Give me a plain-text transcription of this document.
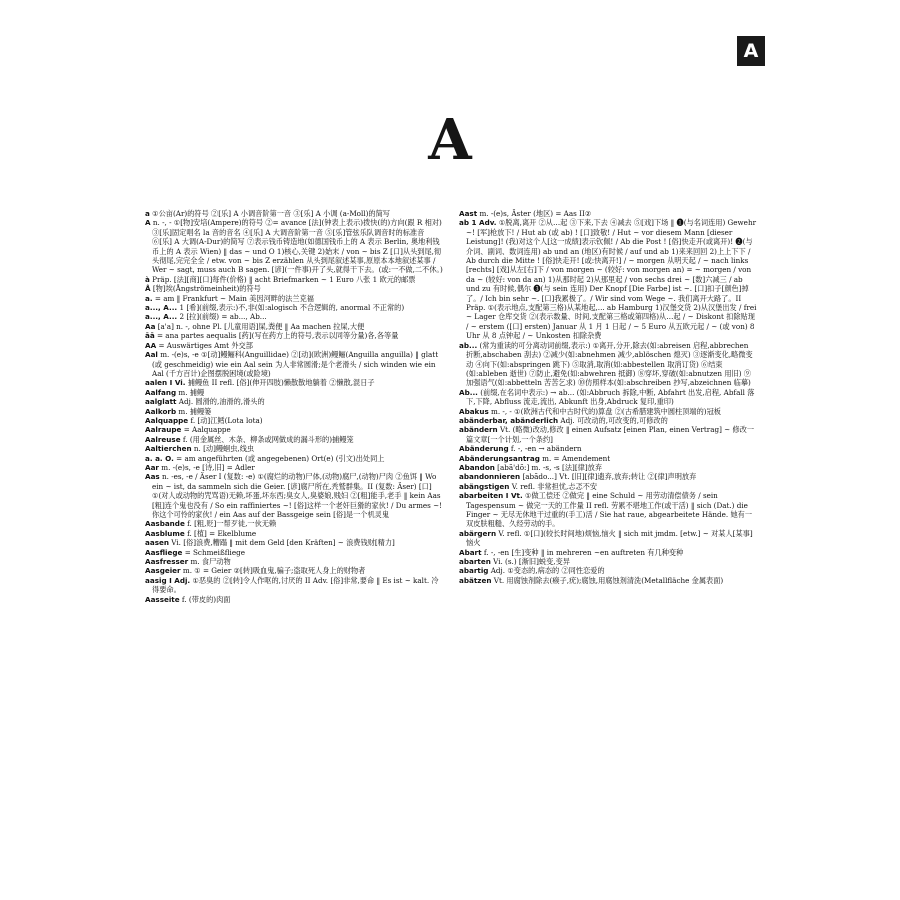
A
A

a ①公亩(Ar)的符号 ②[乐] A 小调音阶第一音 ③[乐] A 小调 (a-Moll)的简写

A n. -, - ①[物]安培(Ampere)的符号 ②= avance [法](钟表上表示)拨快(的)方向(跟 R 相对) ③[乐]固定唱名 la 音的音名 ④[乐] A 大调音阶第一音 ⑤[乐]管弦乐队调音时的标准音 ⑥[乐] A 大调(A-Dur)的简写 ⑦表示钱币铸造地(如德国钱币上的 A 表示 Berlin, 奥地利钱币上的 A 表示 Wien) ‖ das ~ und O 1)核心,关键 2)始末 / von ~ bis Z [口]从头到尾,彻头彻尾,完完全全 / etw. von ~ bis Z erzählen 从头到尾叙述某事,原原本本地叙述某事 / Wer ~ sagt, muss auch B sagen. [谚](一件事)开了头,就得干下去。(或:一不做,二不休。)

à Präp. [法][商][口]每件(价格) ‖ acht Briefmarken ~ 1 Euro 八张 1 欧元的邮票

Å [物]埃(Ångströmeinheit)的符号

a. = am ‖ Frankfurt ~ Main 美因河畔的法兰克福

a..., A... 1 [希](前缀,表示:)不,非(如:alogisch 不合逻辑的, anormal 不正常的)

a..., A... 2 [拉](前缀) = ab..., Ab...

Aa [a'a] n. -, ohne Pl. [儿童用语]屎,粪便 ‖ Aa machen 拉屎,大便

āā = ana partes aequalis [药](写在药方上的符号,表示以同等分量)各,各等量

AA = Auswärtiges Amt 外交部

Aal m. -(e)s, -e ①[动]鳗鲡科(Anguillidae) ②[动](欧洲)鳗鲡(Anguilla anguilla) ‖ glatt (或 geschmeidig) wie ein Aal sein 为人非常圆滑;是个老滑头 / sich winden wie ein Aal (千方百计)企图摆脱困境(或险境)

aalen I Vi. 捕鳗鱼 II refl. [俗](伸开四肢)懒散散地躺着 ②懒散,混日子

Aalfang m. 捕鳗

aalglatt Adj. 圆滑的,油滑的,滑头的

Aalkorb m. 捕鳗篓

Aalquappe f. [动]江鳕(Lota lota)

Aalraupe = Aalquappe

Aalreuse f. (用金属丝、木条、柳条或网做成的漏斗形的)捕鳗笼

Aaltierchen n. [动]鳗蛔虫,线虫

a. a. O. = am angeführten (或 angegebenen) Ort(e) (引文)出处同上

Aar m. -(e)s, -e [诗,旧] = Adler

Aas n. -es, -e / Äser I (复数: -e) ①(腐烂的动物)尸体,(动物)腐尸,(动物)尸肉 ②鱼饵 ‖ Wo ein ~ ist, da sammeln sich die Geier. [谚]腐尸所在,秃鹫群集。II (复数: Äser) [口] ①(对人或动物的咒骂语)无赖,坏蛋,坏东西;臭女人,臭婆娘,贱妇 ②[粗]能手,老手 ‖ kein Aas [粗]连个鬼也没有 / So ein raffiniertes ~! [俗]这样一个老奸巨猾的家伙! / Du armes ~! 你这个可怜的家伙! / ein Aas auf der Bassgeige sein [俗]是一个机灵鬼

Aasbande f. [粗,贬]一帮歹徒,一伙无赖

Aasblume f. [植] = Ekelblume

aasen Vi. [俗]浪费,糟蹋 ‖ mit dem Geld [den Kräften] ~ 浪费钱财[精力]

Aasfliege = Schmeißfliege

Aasfresser m. 食尸动物

Aasgeier m. ① = Geier ②[转]吸血鬼,骗子;盗取死人身上的财物者

aasig I Adj. ①恶臭的 ②[转]令人作呕的,讨厌的 II Adv. [俗]非常,要命 ‖ Es ist ~ kalt. 冷得要命。

Aasseite f. (带皮的)肉面

Aast m. -(e)s, Äster (地区) = Aas II②

ab 1 Adv. ①脱离,离开 ②从…起 ③下来,下去 ④减去 ⑤[戏]下场 ‖ ❶(与名词连用) Gewehr ~! [军]枪放下! / Hut ab (或 ab) ! [口]致敬! / Hut ~ vor diesem Mann [dieser Leistung]! (我)对这个人[这一成绩]表示钦佩! / Ab die Post ! [俗]快走开(或离开)! ❷(与介词、副词、数词连用) ab und an (地区)有时候 / auf und ab 1)来来回回 2)上上下下 / Ab durch die Mitte ! [俗]快走开! [或:快离开!] / ~ morgen 从明天起 / ~ nach links [rechts] [戏]从左[右]下 / von morgen ~ (较好: von morgen an) = ~ morgen / von da ~ (较好: von da an) 1)从那时起 2)从那里起 / von sechs drei ~ [数]六减三 / ab und zu 有时候,偶尔 ❸(与 sein 连用) Der Knopf [Die Farbe] ist ~. [口]扣子[颜色]掉了。/ Ich bin sehr ~. [口]我累极了。/ Wir sind vom Wege ~. 我们离开大路了。II Präp. ①(表示地点,支配第三格)从某地起,... ab Hamburg 1)汉堡交货 2)从汉堡出发 / frei ~ Lager 仓库交货 ②(表示数量、时间,支配第三格或第四格)从…起 / ~ Diskont 扣除贴现 / ~ erstem ([口] ersten) Januar 从 1 月 1 日起 / ~ 5 Euro 从五欧元起 / ~ (或 von) 8 Uhr 从 8 点钟起 / ~ Unkosten 扣除杂费

ab... (常为重读的可分离动词前缀,表示:) ①离开,分开,除去(如:abreisen 启程,abbrechen 折断,abschaben 刮去) ②减少(如:abnehmen 减少,ablöschen 熄灭) ③逐渐变化,略微变动 ④向下(如:abspringen 跳下) ⑤取消,取消(如:abbestellen 取消订货) ⑥结束(如:ableben 逝世) ⑦防止,避免(如:abwehren 抵御) ⑧穿坏,穿破(如:abnutzen 用旧) ⑨加强语气(如:abbetteln 苦苦乞求) ⑩仿照样本(如:abschreiben 抄写,abzeichnen 临摹)

Ab... (前缀,在名词中表示:) → ab... (如:Abbruch 拆除,中断, Abfahrt 出发,启程, Abfall 落下,下降, Abfluss 流走,流出, Abkunft 出身,Abdruck 复印,重印)

Abakus m. -, - ①(欧洲古代和中古时代的)算盘 ②(古希腊建筑中圆柱顶端的)冠板

abänderbar, abänderlich Adj. 可改动的,可改变的,可修改的

abändern Vt. (略微)改动,修改 ‖ einen Aufsatz [einen Plan, einen Vertrag] ~ 修改一篇文章[一个计划,一个条约]

Abänderung f. -, -en → abändern

Abänderungsantrag m. = Amendement

Abandon [abã'dõ:] m. -s, -s [法][律]放弃

abandonnieren [abãdo...] Vt. [旧][律]遗弃,放弃;转让 ②[律]声明放弃

abängstigen V. refl. 非常担忧,忐忑不安

abarbeiten I Vt. ①做工偿还 ②做完 ‖ eine Schuld ~ 用劳动清偿债务 / sein Tagespensum ~ 做完一天的工作量 II refl. 劳累不堪地工作(或干活) ‖ sich (Dat.) die Finger ~ 无尽无休地干过重的(手工)活 / Sie hat raue, abgearbeitete Hände. 她有一双皮肤粗糙、久经劳动的手。

abärgern V. refl. ①[口](较长时间地)烦恼,恼火 ‖ sich mit jmdm. [etw.] ~ 对某人[某事]恼火

Abart f. -, -en [生]变种 ‖ in mehreren ~en auftreten 有几种变种

abarten Vi. (s.) [渐旧]蜕变,变异

abartig Adj. ①变态的,病态的 ②同性恋爱的

abätzen Vt. 用腐蚀剂除去(瘊子,疣);腐蚀,用腐蚀剂清洗(Metallfläche 金属表面)
